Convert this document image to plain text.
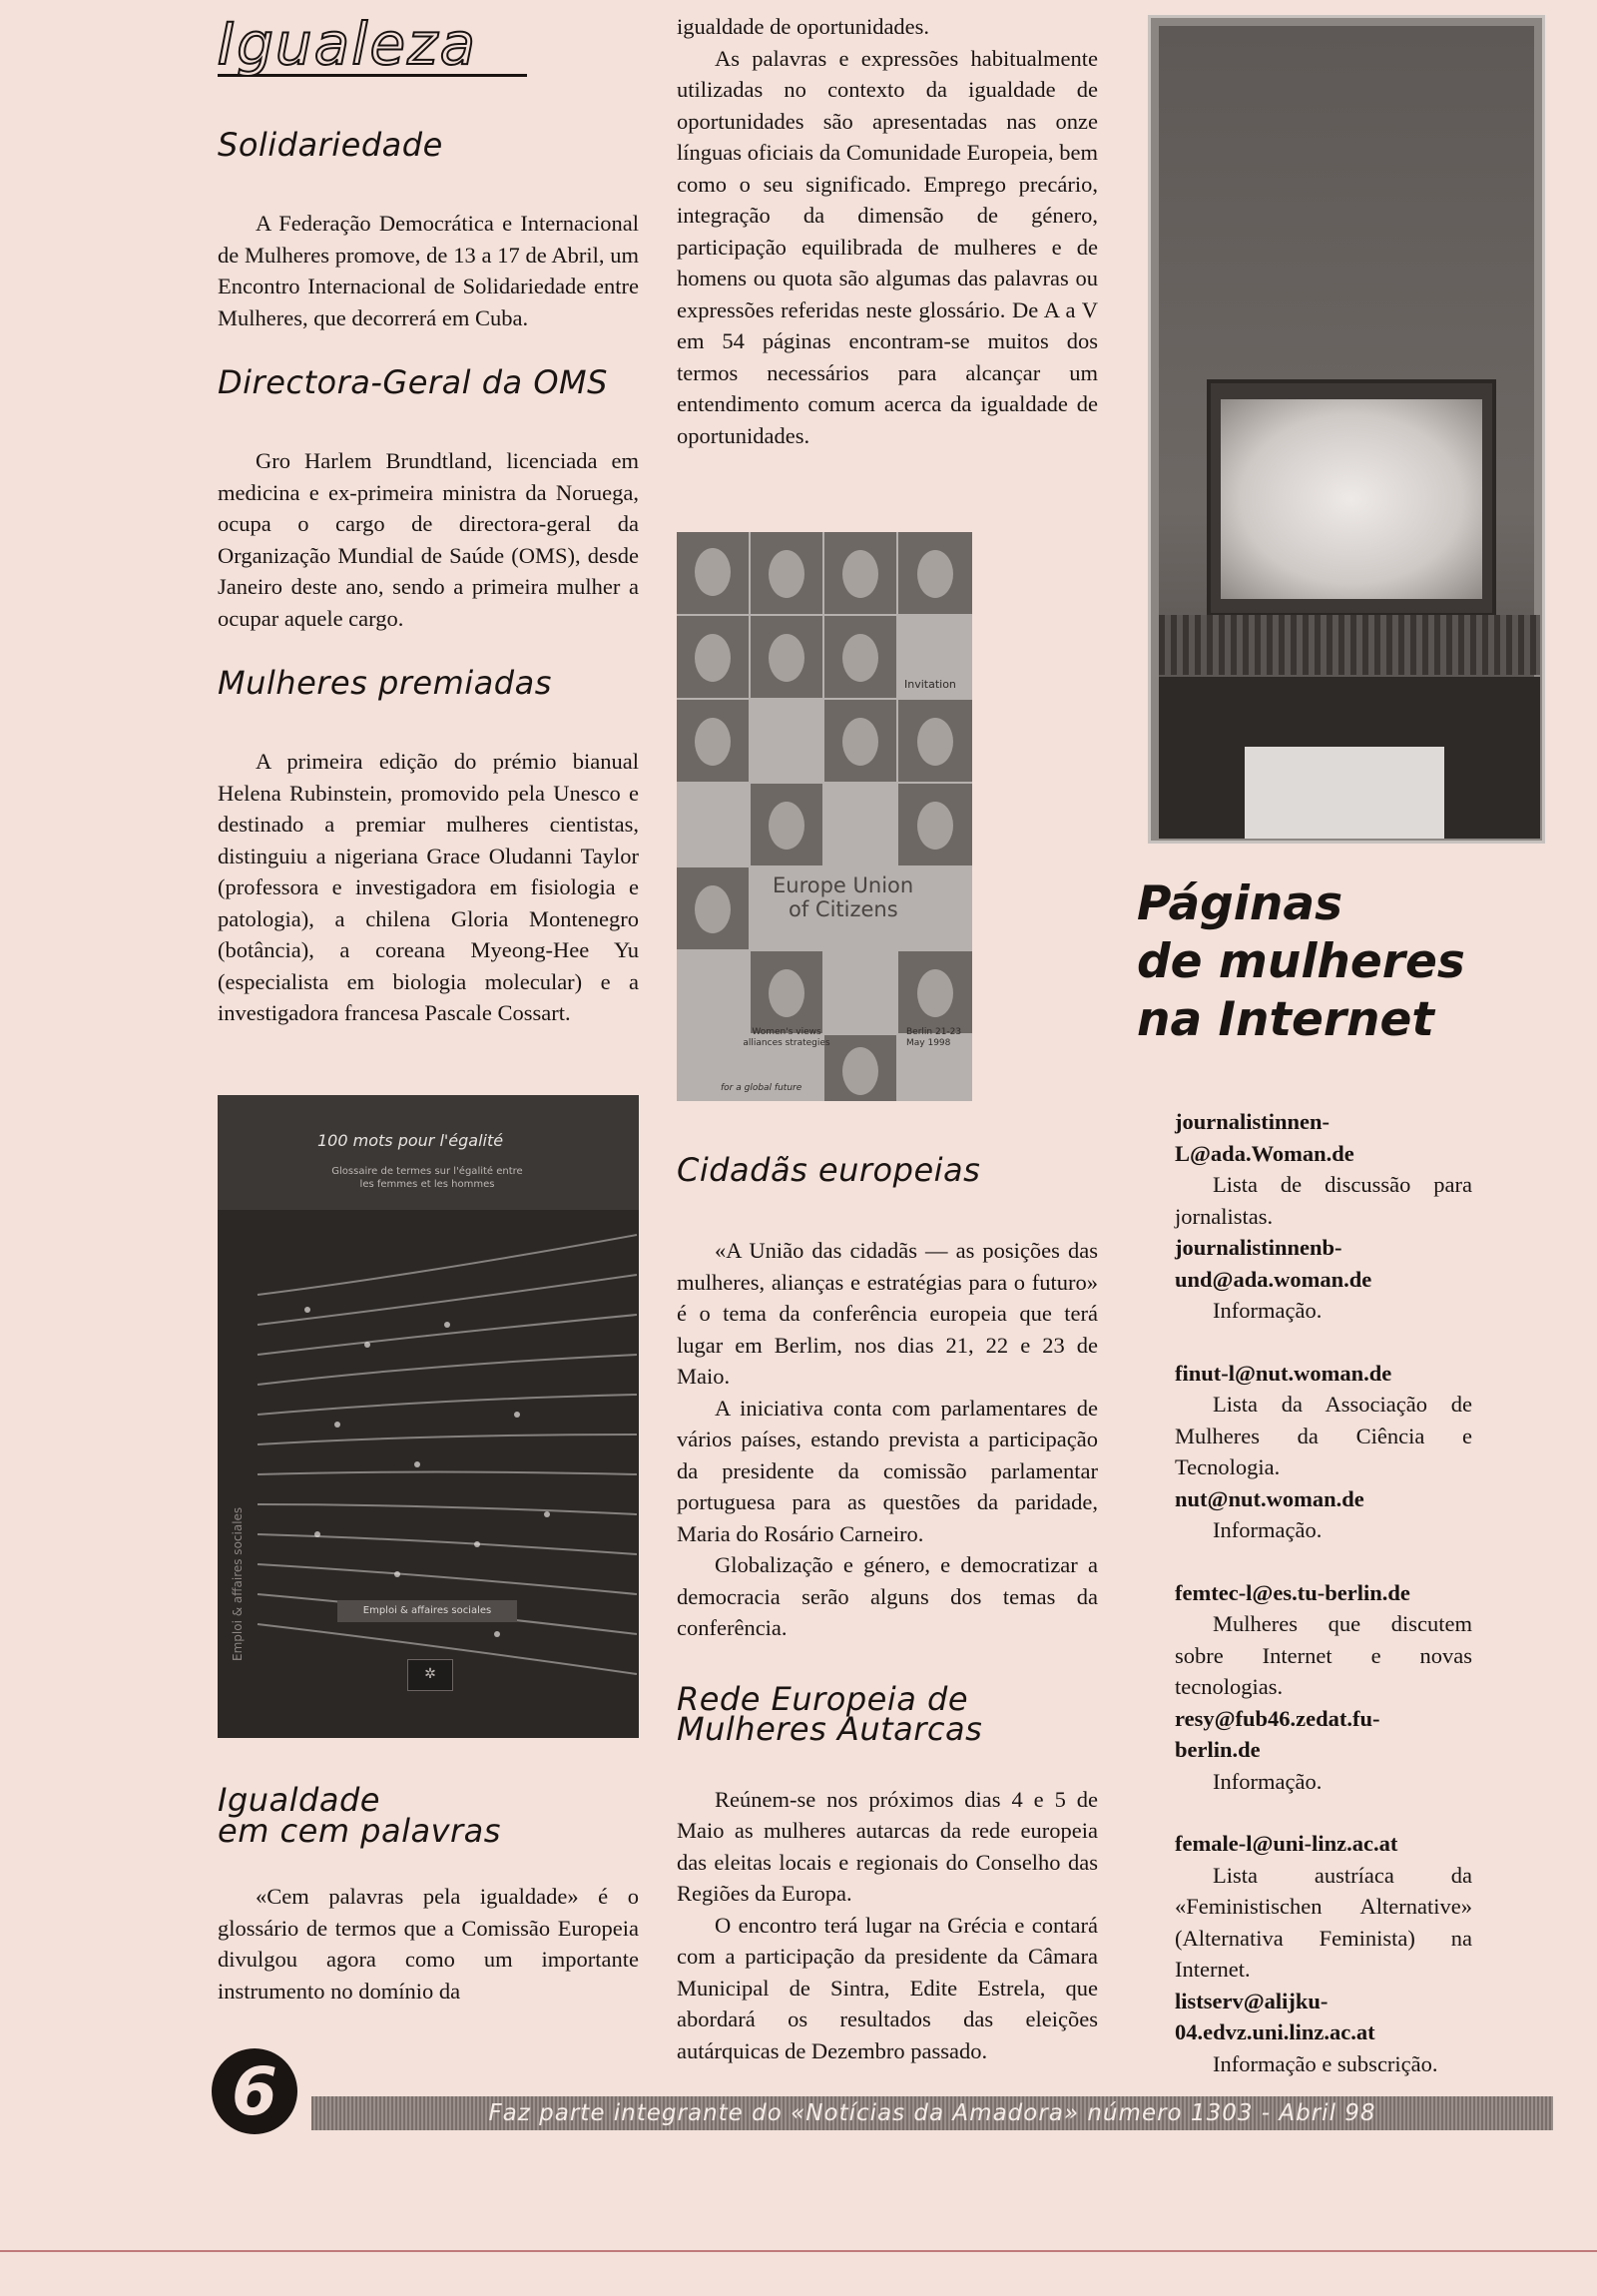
Igualeza
Solidariedade

A Federação Democrática e Internacional de Mulheres promove, de 13 a 17 de Abril, um Encontro Internacional de Solidariedade entre Mulheres, que decorrerá em Cuba.

Directora-Geral da OMS

Gro Harlem Brundtland, licenciada em medicina e ex-primeira ministra da Noruega, ocupa o cargo de directora-geral da Organização Mundial de Saúde (OMS), desde Janeiro deste ano, sendo a primeira mulher a ocupar aquele cargo.

Mulheres premiadas

A primeira edição do prémio bianual Helena Rubinstein, promovido pela Unesco e destinado a premiar mulheres cientistas, distinguiu a nigeriana Grace Oludanni Taylor (professora e investigadora em fisiologia e patologia), a chilena Gloria Montenegro (botância), a coreana Myeong-Hee Yu (especialista em biologia molecular) e a investigadora francesa Pascale Cossart.

100 mots pour l'égalité
Glossaire de termes sur l'égalité entre les femmes et les hommes
Emploi & affaires sociales	Emploi & affaires sociales
✲
Igualdade
em cem palavras

«Cem palavras pela igualdade» é o glossário de termos que a Comissão Europeia divulgou agora como um importante instrumento no domínio da

igualdade de oportunidades.

As palavras e expressões habitualmente utilizadas no contexto da igualdade de oportunidades são apresentadas nas onze línguas oficiais da Comunidade Europeia, bem como o seu significado. Emprego precário, integração da dimensão de género, participação equilibrada de mulheres e de homens ou quota são algumas das palavras ou expressões referidas neste glossário. De A a V em 54 páginas encontram-se muitos dos termos necessários para alcançar um entendimento comum acerca da igualdade de oportunidades.

Invitation
Europe Union
of Citizens
Women's views alliances strategies
Berlin 21-23 May 1998
for a global future
Cidadãs europeias

«A União das cidadãs — as posições das mulheres, alianças e estratégias para o futuro» é o tema da conferência europeia que terá lugar em Berlim, nos dias 21, 22 e 23 de Maio.

A iniciativa conta com parlamentares de vários países, estando prevista a participação da presidente da comissão parlamentar portuguesa para as questões da paridade, Maria do Rosário Carneiro.

Globalização e género, e democratizar a democracia serão alguns dos temas da conferência.

Rede Europeia de
Mulheres Autarcas

Reúnem-se nos próximos dias 4 e 5 de Maio as mulheres autarcas da rede europeia das eleitas locais e regionais do Conselho das Regiões da Europa.

O encontro terá lugar na Grécia e contará com a participação da presidente da Câmara Municipal de Sintra, Edite Estrela, que abordará os resultados das eleições autárquicas de Dezembro passado.

Páginas
de mulheres
na Internet

journalistinnen-

L@ada.Woman.de

Lista de discussão para jornalistas.

journalistinnenb-

und@ada.woman.de

Informação.

finut-l@nut.woman.de

Lista da Associação de Mulheres da Ciência e Tecnologia.

nut@nut.woman.de

Informação.

femtec-l@es.tu-berlin.de

Mulheres que discutem sobre Internet e novas tecnologias.

resy@fub46.zedat.fu-

berlin.de

Informação.

female-l@uni-linz.ac.at

Lista austríaca da «Feministischen Alternative» (Alternativa Feminista) na Internet.

listserv@alijku-

04.edvz.uni.linz.ac.at

Informação e subscrição.

6	Faz parte integrante do «Notícias da Amadora» número 1303 - Abril 98
